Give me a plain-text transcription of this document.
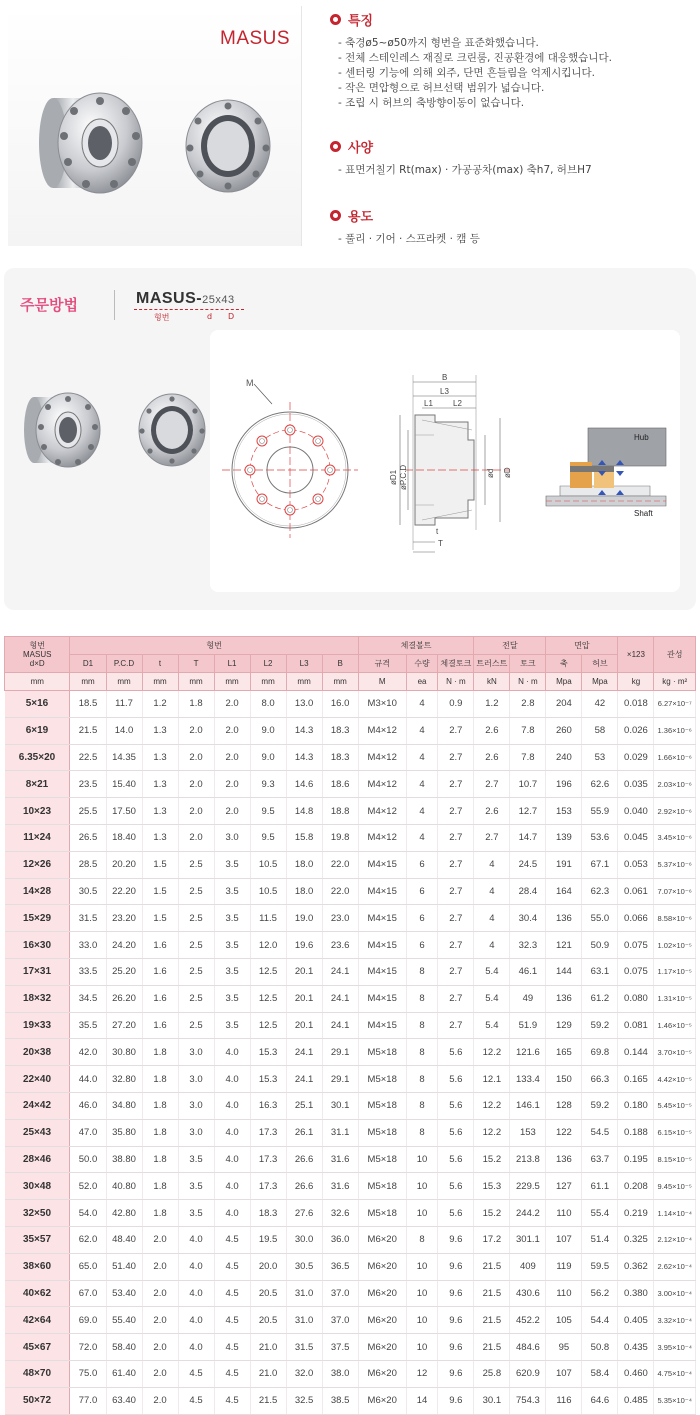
MASUS
특징
- 축경ø5~ø50까지 형번을 표준화했습니다.
- 전체 스테인레스 재질로 크린룸, 진공환경에 대응했습니다.
- 센터링 기능에 의해 외주, 단면 흔들림을 억제시킵니다.
- 작은 면압형으로 허브선택 범위가 넓습니다.
- 조립 시 허브의 축방향이동이 없습니다.
사양
- 표면거칠기 Rt(max) · 가공공차(max) 축h7, 허브H7
용도
- 풀리 · 기어 · 스프라켓 · 캠 등
주문방법	MASUS-25x43
형번	d D
M
B
L3
L1	L2
øD1 øP.C.D	ød øD
t
T
Hub
Shaft
형번
MASUS
d×D	형번								체결볼트			전달		면압		×123	관성
	D1	P.C.D	t	T	L1	L2	L3	B	규격	수량	체결토크	트러스트	토크	축	허브		
mm	mm	mm	mm	mm	mm	mm	mm	mm	M	ea	N · m	kN	N · m	Mpa	Mpa	kg	kg · m²
5×16	18.5	11.7	1.2	1.8	2.0	8.0	13.0	16.0	M3×10	4	0.9	1.2	2.8	204	42	0.018	6.27×10⁻⁷
6×19	21.5	14.0	1.3	2.0	2.0	9.0	14.3	18.3	M4×12	4	2.7	2.6	7.8	260	58	0.026	1.36×10⁻⁶
6.35×20	22.5	14.35	1.3	2.0	2.0	9.0	14.3	18.3	M4×12	4	2.7	2.6	7.8	240	53	0.029	1.66×10⁻⁶
8×21	23.5	15.40	1.3	2.0	2.0	9.3	14.6	18.6	M4×12	4	2.7	2.7	10.7	196	62.6	0.035	2.03×10⁻⁶
10×23	25.5	17.50	1.3	2.0	2.0	9.5	14.8	18.8	M4×12	4	2.7	2.6	12.7	153	55.9	0.040	2.92×10⁻⁶
11×24	26.5	18.40	1.3	2.0	3.0	9.5	15.8	19.8	M4×12	4	2.7	2.7	14.7	139	53.6	0.045	3.45×10⁻⁶
12×26	28.5	20.20	1.5	2.5	3.5	10.5	18.0	22.0	M4×15	6	2.7	4	24.5	191	67.1	0.053	5.37×10⁻⁶
14×28	30.5	22.20	1.5	2.5	3.5	10.5	18.0	22.0	M4×15	6	2.7	4	28.4	164	62.3	0.061	7.07×10⁻⁶
15×29	31.5	23.20	1.5	2.5	3.5	11.5	19.0	23.0	M4×15	6	2.7	4	30.4	136	55.0	0.066	8.58×10⁻⁶
16×30	33.0	24.20	1.6	2.5	3.5	12.0	19.6	23.6	M4×15	6	2.7	4	32.3	121	50.9	0.075	1.02×10⁻⁵
17×31	33.5	25.20	1.6	2.5	3.5	12.5	20.1	24.1	M4×15	8	2.7	5.4	46.1	144	63.1	0.075	1.17×10⁻⁵
18×32	34.5	26.20	1.6	2.5	3.5	12.5	20.1	24.1	M4×15	8	2.7	5.4	49	136	61.2	0.080	1.31×10⁻⁵
19×33	35.5	27.20	1.6	2.5	3.5	12.5	20.1	24.1	M4×15	8	2.7	5.4	51.9	129	59.2	0.081	1.46×10⁻⁵
20×38	42.0	30.80	1.8	3.0	4.0	15.3	24.1	29.1	M5×18	8	5.6	12.2	121.6	165	69.8	0.144	3.70×10⁻⁵
22×40	44.0	32.80	1.8	3.0	4.0	15.3	24.1	29.1	M5×18	8	5.6	12.1	133.4	150	66.3	0.165	4.42×10⁻⁵
24×42	46.0	34.80	1.8	3.0	4.0	16.3	25.1	30.1	M5×18	8	5.6	12.2	146.1	128	59.2	0.180	5.45×10⁻⁵
25×43	47.0	35.80	1.8	3.0	4.0	17.3	26.1	31.1	M5×18	8	5.6	12.2	153	122	54.5	0.188	6.15×10⁻⁵
28×46	50.0	38.80	1.8	3.5	4.0	17.3	26.6	31.6	M5×18	10	5.6	15.2	213.8	136	63.7	0.195	8.15×10⁻⁵
30×48	52.0	40.80	1.8	3.5	4.0	17.3	26.6	31.6	M5×18	10	5.6	15.3	229.5	127	61.1	0.208	9.45×10⁻⁵
32×50	54.0	42.80	1.8	3.5	4.0	18.3	27.6	32.6	M5×18	10	5.6	15.2	244.2	110	55.4	0.219	1.14×10⁻⁴
35×57	62.0	48.40	2.0	4.0	4.5	19.5	30.0	36.0	M6×20	8	9.6	17.2	301.1	107	51.4	0.325	2.12×10⁻⁴
38×60	65.0	51.40	2.0	4.0	4.5	20.0	30.5	36.5	M6×20	10	9.6	21.5	409	119	59.5	0.362	2.62×10⁻⁴
40×62	67.0	53.40	2.0	4.0	4.5	20.5	31.0	37.0	M6×20	10	9.6	21.5	430.6	110	56.2	0.380	3.00×10⁻⁴
42×64	69.0	55.40	2.0	4.0	4.5	20.5	31.0	37.0	M6×20	10	9.6	21.5	452.2	105	54.4	0.405	3.32×10⁻⁴
45×67	72.0	58.40	2.0	4.0	4.5	21.0	31.5	37.5	M6×20	10	9.6	21.5	484.6	95	50.8	0.435	3.95×10⁻⁴
48×70	75.0	61.40	2.0	4.5	4.5	21.0	32.0	38.0	M6×20	12	9.6	25.8	620.9	107	58.4	0.460	4.75×10⁻⁴
50×72	77.0	63.40	2.0	4.5	4.5	21.5	32.5	38.5	M6×20	14	9.6	30.1	754.3	116	64.6	0.485	5.35×10⁻⁴
